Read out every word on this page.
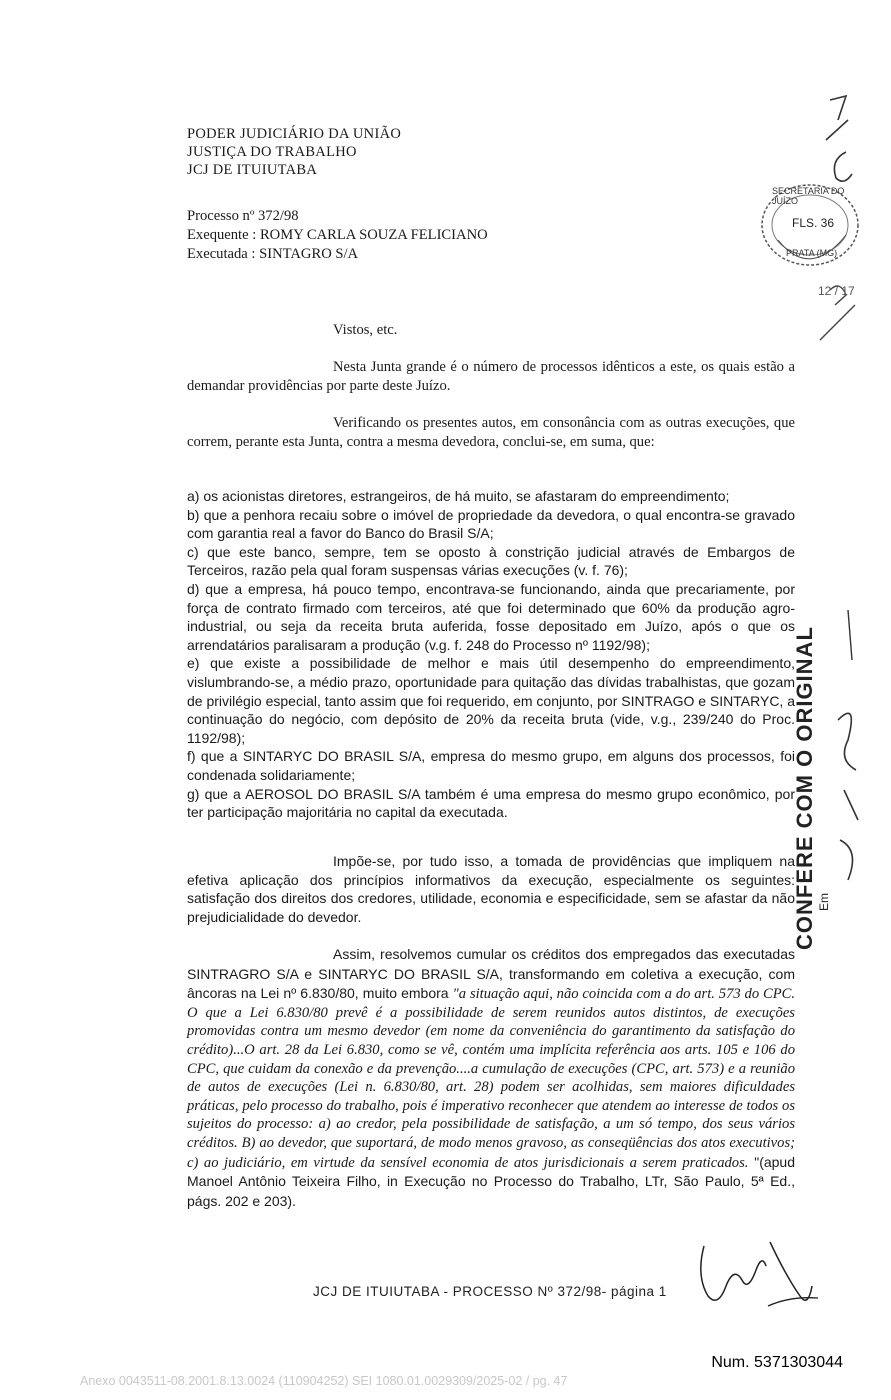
PODER JUDICIÁRIO DA UNIÃO
JUSTIÇA DO TRABALHO
JCJ DE ITUIUTABA
Processo nº 372/98
Exequente : ROMY CARLA SOUZA FELICIANO
Executada : SINTAGRO S/A
SECRETARIA DO JUÍZO
FLS. 36
PRATA (MG)
12 / 17
Vistos, etc.

Nesta Junta grande é o número de processos idênticos a este, os quais estão a demandar providências por parte deste Juízo.

Verificando os presentes autos, em consonância com as outras execuções, que correm, perante esta Junta, contra a mesma devedora, conclui-se, em suma, que:

a) os acionistas diretores, estrangeiros, de há muito, se afastaram do empreendimento;

b) que a penhora recaiu sobre o imóvel de propriedade da devedora, o qual encontra-se gravado com garantia real a favor do Banco do Brasil S/A;

c) que este banco, sempre, tem se oposto à constrição judicial através de Embargos de Terceiros, razão pela qual foram suspensas várias execuções (v. f. 76);

d) que a empresa, há pouco tempo, encontrava-se funcionando, ainda que precariamente, por força de contrato firmado com terceiros, até que foi determinado que 60% da produção agro-industrial, ou seja da receita bruta auferida, fosse depositado em Juízo, após o que os arrendatários paralisaram a produção (v.g. f. 248 do Processo nº 1192/98);

e) que existe a possibilidade de melhor e mais útil desempenho do empreendimento, vislumbrando-se, a médio prazo, oportunidade para quitação das dívidas trabalhistas, que gozam de privilégio especial, tanto assim que foi requerido, em conjunto, por SINTRAGO e SINTARYC, a continuação do negócio, com depósito de 20% da receita bruta (vide, v.g., 239/240 do Proc. 1192/98);

f) que a SINTARYC DO BRASIL S/A, empresa do mesmo grupo, em alguns dos processos, foi condenada solidariamente;

g) que a AEROSOL DO BRASIL S/A também é uma empresa do mesmo grupo econômico, por ter participação majoritária no capital da executada.

Impõe-se, por tudo isso, a tomada de providências que impliquem na efetiva aplicação dos princípios informativos da execução, especialmente os seguintes: satisfação dos direitos dos credores, utilidade, economia e especificidade, sem se afastar da não prejudicialidade do devedor.

Assim, resolvemos cumular os créditos dos empregados das executadas SINTRAGRO S/A e SINTARYC DO BRASIL S/A, transformando em coletiva a execução, com âncoras na Lei nº 6.830/80, muito embora "a situação aqui, não coincida com a do art. 573 do CPC. O que a Lei 6.830/80 prevê é a possibilidade de serem reunidos autos distintos, de execuções promovidas contra um mesmo devedor (em nome da conveniência do garantimento da satisfação do crédito)...O art. 28 da Lei 6.830, como se vê, contém uma implícita referência aos arts. 105 e 106 do CPC, que cuidam da conexão e da prevenção....a cumulação de execuções (CPC, art. 573) e a reunião de autos de execuções (Lei n. 6.830/80, art. 28) podem ser acolhidas, sem maiores dificuldades práticas, pelo processo do trabalho, pois é imperativo reconhecer que atendem ao interesse de todos os sujeitos do processo: a) ao credor, pela possibilidade de satisfação, a um só tempo, dos seus vários créditos. B) ao devedor, que suportará, de modo menos gravoso, as conseqüências dos atos executivos; c) ao judiciário, em virtude da sensível economia de atos jurisdicionais a serem praticados. "(apud Manoel Antônio Teixeira Filho, in Execução no Processo do Trabalho, LTr, São Paulo, 5ª Ed., págs. 202 e 203).

CONFERE COM O ORIGINAL Em
JCJ DE ITUIUTABA - PROCESSO Nº 372/98- página 1
Num. 5371303044
Anexo 0043511-08.2001.8.13.0024 (110904252) SEI 1080.01.0029309/2025-02 / pg. 47
